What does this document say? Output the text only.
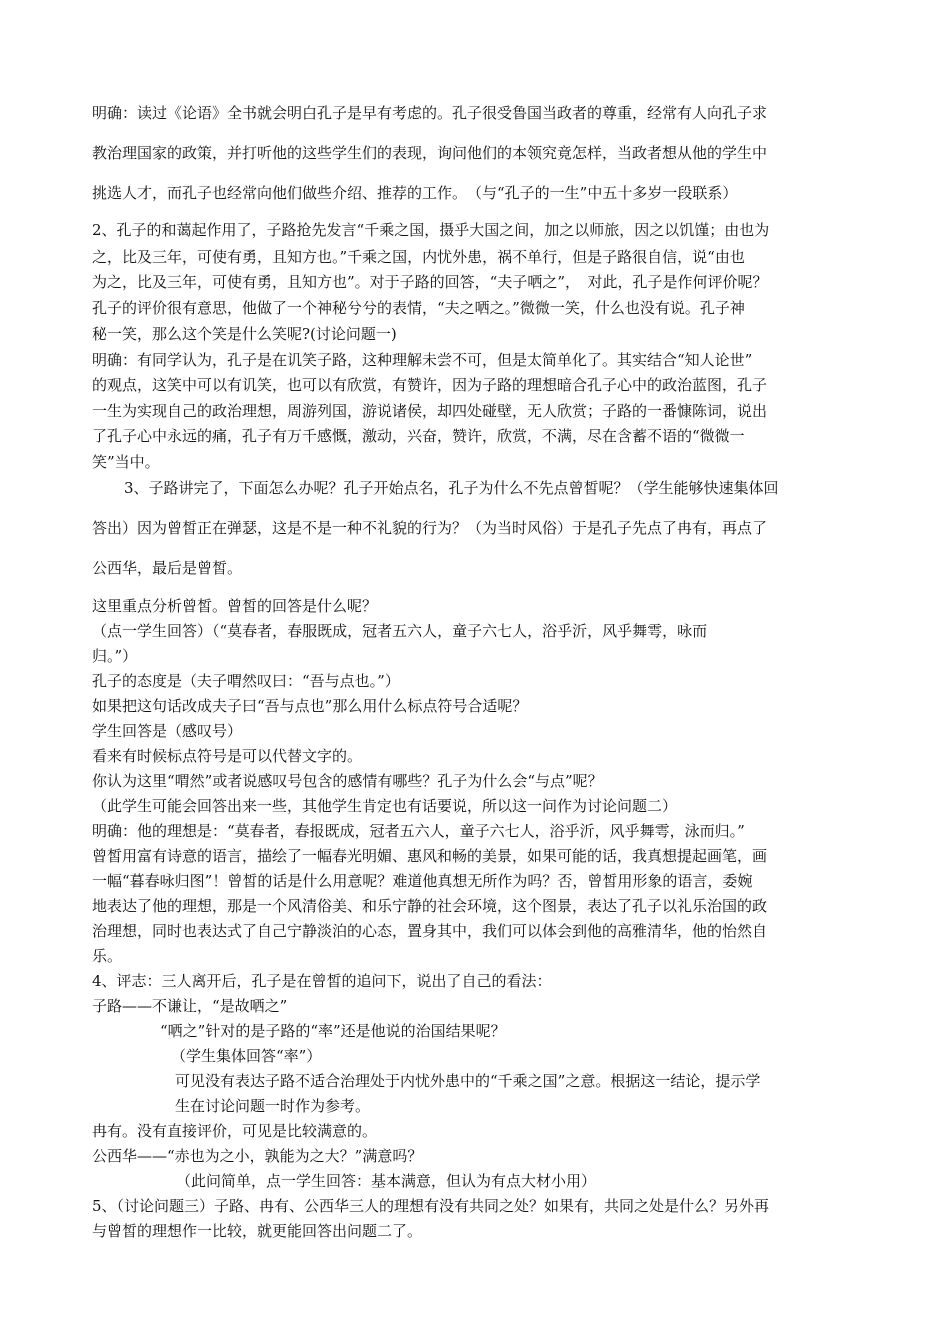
明确：读过《论语》全书就会明白孔子是早有考虑的。孔子很受鲁国当政者的尊重，经常有人向孔子求

教治理国家的政策，并打听他的这些学生们的表现，询问他们的本领究竟怎样，当政者想从他的学生中

挑选人才，而孔子也经常向他们做些介绍、推荐的工作。　（与“孔子的一生”中五十多岁一段联系）

2、孔子的和蔼起作用了，子路抢先发言“千乘之国，摄乎大国之间，加之以师旅，因之以饥馑；由也为

之，比及三年，可使有勇，且知方也。”千乘之国，内忧外患，祸不单行，但是子路很自信，说“由也

为之，比及三年，可使有勇，且知方也”。对于子路的回答，“夫子哂之”，　对此，孔子是作何评价呢？

孔子的评价很有意思，他做了一个神秘兮兮的表情，“夫之哂之。”微微一笑，什么也没有说。孔子神

秘一笑，那么这个笑是什么笑呢?(讨论问题一)

明确：有同学认为，孔子是在讥笑子路，这种理解未尝不可，但是太简单化了。其实结合“知人论世”

的观点，这笑中可以有讥笑，也可以有欣赏，有赞许，因为子路的理想暗合孔子心中的政治蓝图，孔子

一生为实现自己的政治理想，周游列国，游说诸侯，却四处碰壁，无人欣赏；子路的一番慷陈词，说出

了孔子心中永远的痛，孔子有万千感慨，激动，兴奋，赞许，欣赏，不满，尽在含蓄不语的“微微一

笑”当中。

3、子路讲完了，下面怎么办呢？孔子开始点名，孔子为什么不先点曾皙呢？（学生能够快速集体回

答出）因为曾皙正在弹瑟，这是不是一种不礼貌的行为？（为当时风俗）于是孔子先点了冉有，再点了

公西华，最后是曾皙。

这里重点分析曾皙。曾皙的回答是什么呢？

（点一学生回答）（“莫春者，春服既成，冠者五六人，童子六七人，浴乎沂，风乎舞雩，咏而

归。”）

孔子的态度是（夫子喟然叹曰：“吾与点也。”）

如果把这句话改成夫子曰“吾与点也”那么用什么标点符号合适呢？

学生回答是（感叹号）

看来有时候标点符号是可以代替文字的。

你认为这里“喟然”或者说感叹号包含的感情有哪些？孔子为什么会“与点”呢？

（此学生可能会回答出来一些，其他学生肯定也有话要说，所以这一问作为讨论问题二）

明确：他的理想是：“莫春者，春报既成，冠者五六人，童子六七人，浴乎沂，风乎舞雩，泳而归。”

曾皙用富有诗意的语言，描绘了一幅春光明媚、惠风和畅的美景，如果可能的话，我真想提起画笔，画

一幅“暮春咏归图”！曾皙的话是什么用意呢？难道他真想无所作为吗？否，曾皙用形象的语言，委婉

地表达了他的理想，那是一个风清俗美、和乐宁静的社会环境，这个图景，表达了孔子以礼乐治国的政

治理想，同时也表达式了自己宁静淡泊的心态，置身其中，我们可以体会到他的高雅清华，他的怡然自

乐。

4、评志：三人离开后，孔子是在曾皙的追问下，说出了自己的看法：

子路——不谦让，“是故哂之”

“哂之”针对的是子路的“率”还是他说的治国结果呢？

（学生集体回答“率”）

可见没有表达子路不适合治理处于内忧外患中的“千乘之国”之意。根据这一结论，提示学

生在讨论问题一时作为参考。

冉有。没有直接评价，可见是比较满意的。

公西华——“赤也为之小，孰能为之大？”满意吗？

（此问简单，点一学生回答：基本满意，但认为有点大材小用）

5、（讨论问题三）子路、冉有、公西华三人的理想有没有共同之处？如果有，共同之处是什么？另外再

与曾皙的理想作一比较，就更能回答出问题二了。
